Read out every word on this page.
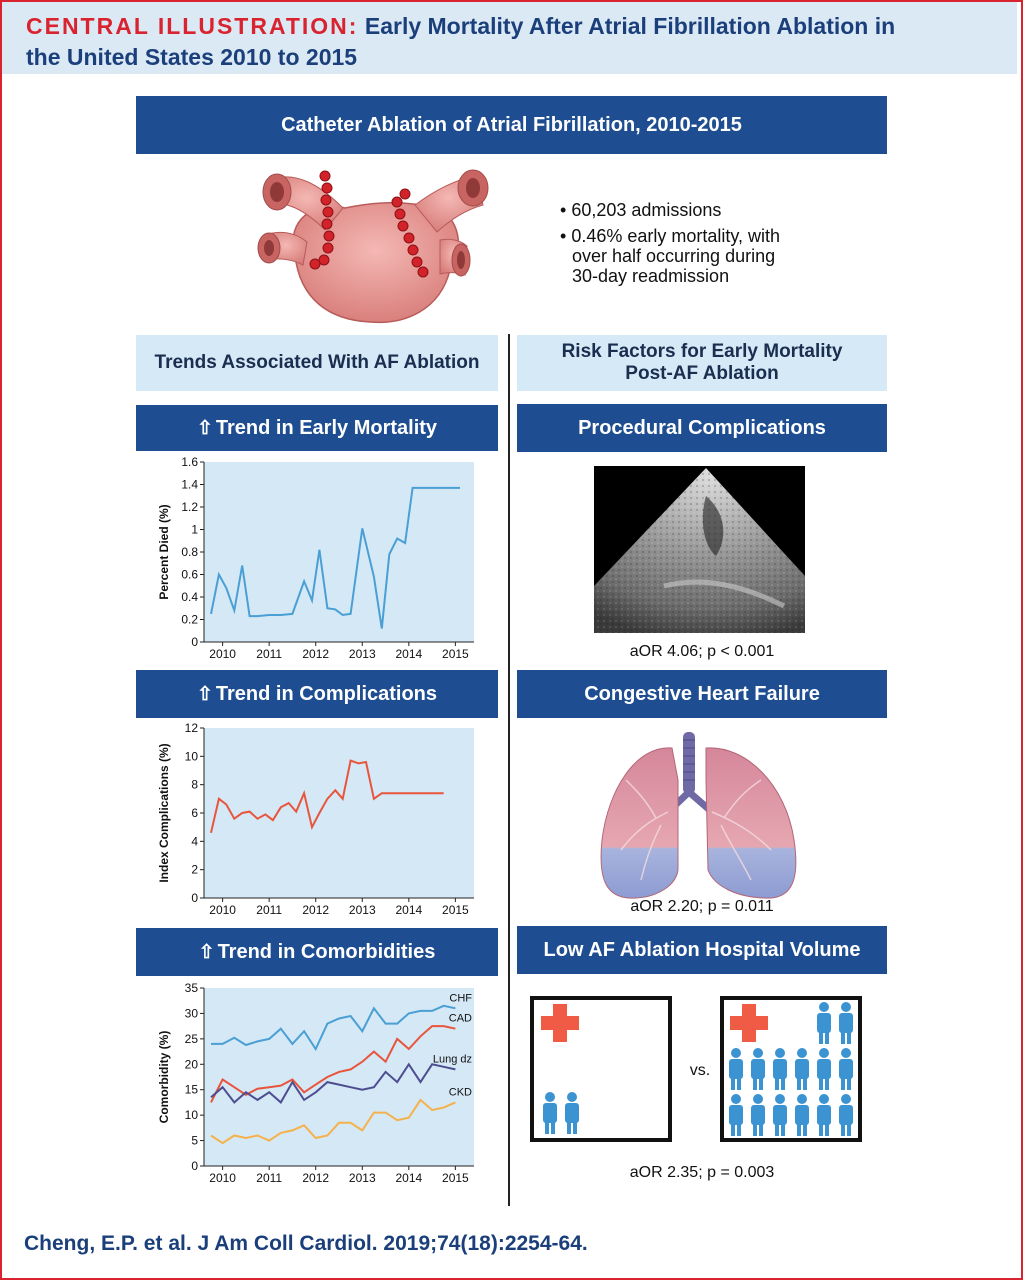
CENTRAL ILLUSTRATION: Early Mortality After Atrial Fibrillation Ablation in
the United States 2010 to 2015
Catheter Ablation of Atrial Fibrillation, 2010-2015
• 60,203 admissions
• 0.46% early mortality, with
over half occurring during
30-day readmission
Trends Associated With AF Ablation
⇧ Trend in Early Mortality
0
0.2
0.4
0.6
0.8
1
1.2
1.4
1.6
2010 2011 2012 2013 2014 2015
Percent Died (%)
⇧ Trend in Complications
0
2
4
6
8
10
12
2010 2011 2012 2013 2014 2015
Index Complications (%)
⇧ Trend in Comorbidities
0
5
10
15
20
25
30
35
2010 2011 2012 2013 2014 2015
Comorbidity (%)
CHF
CAD
Lung dz
CKD
Risk Factors for Early Mortality
Post-AF Ablation
Procedural Complications
aOR 4.06; p < 0.001
Congestive Heart Failure
aOR 2.20; p = 0.011
Low AF Ablation Hospital Volume
vs.
aOR 2.35; p = 0.003
Cheng, E.P. et al. J Am Coll Cardiol. 2019;74(18):2254-64.
